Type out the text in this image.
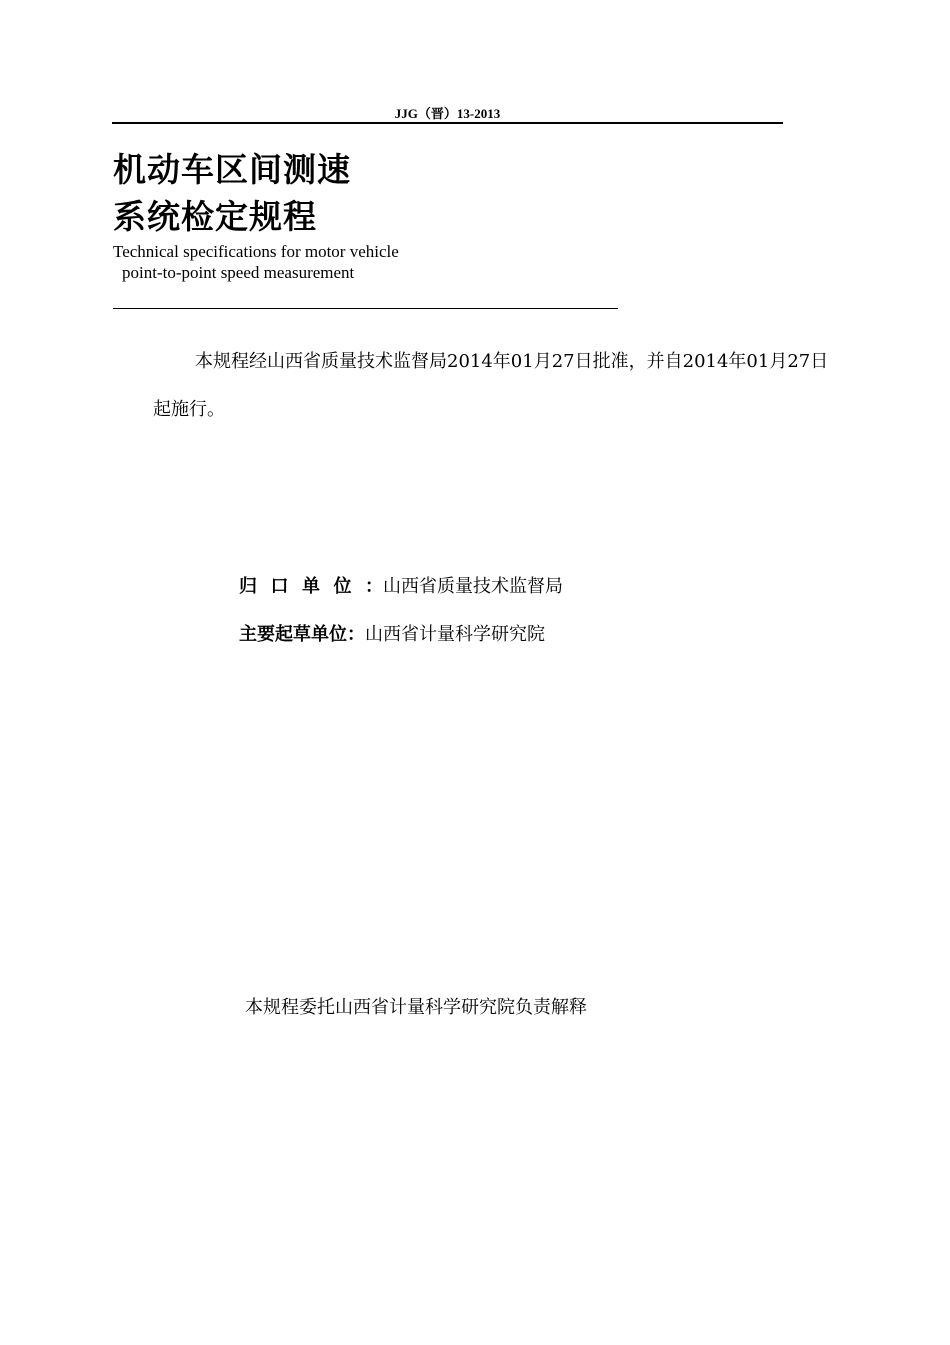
JJG（晋）13-2013
机动车区间测速
系统检定规程
Technical specifications for motor vehicle
point-to-point speed measurement
本规程经山西省质量技术监督局2014年01月27日批准，并自2014年01月27日起施行。
归 口 单 位 ：山西省质量技术监督局
主要起草单位：山西省计量科学研究院
本规程委托山西省计量科学研究院负责解释
